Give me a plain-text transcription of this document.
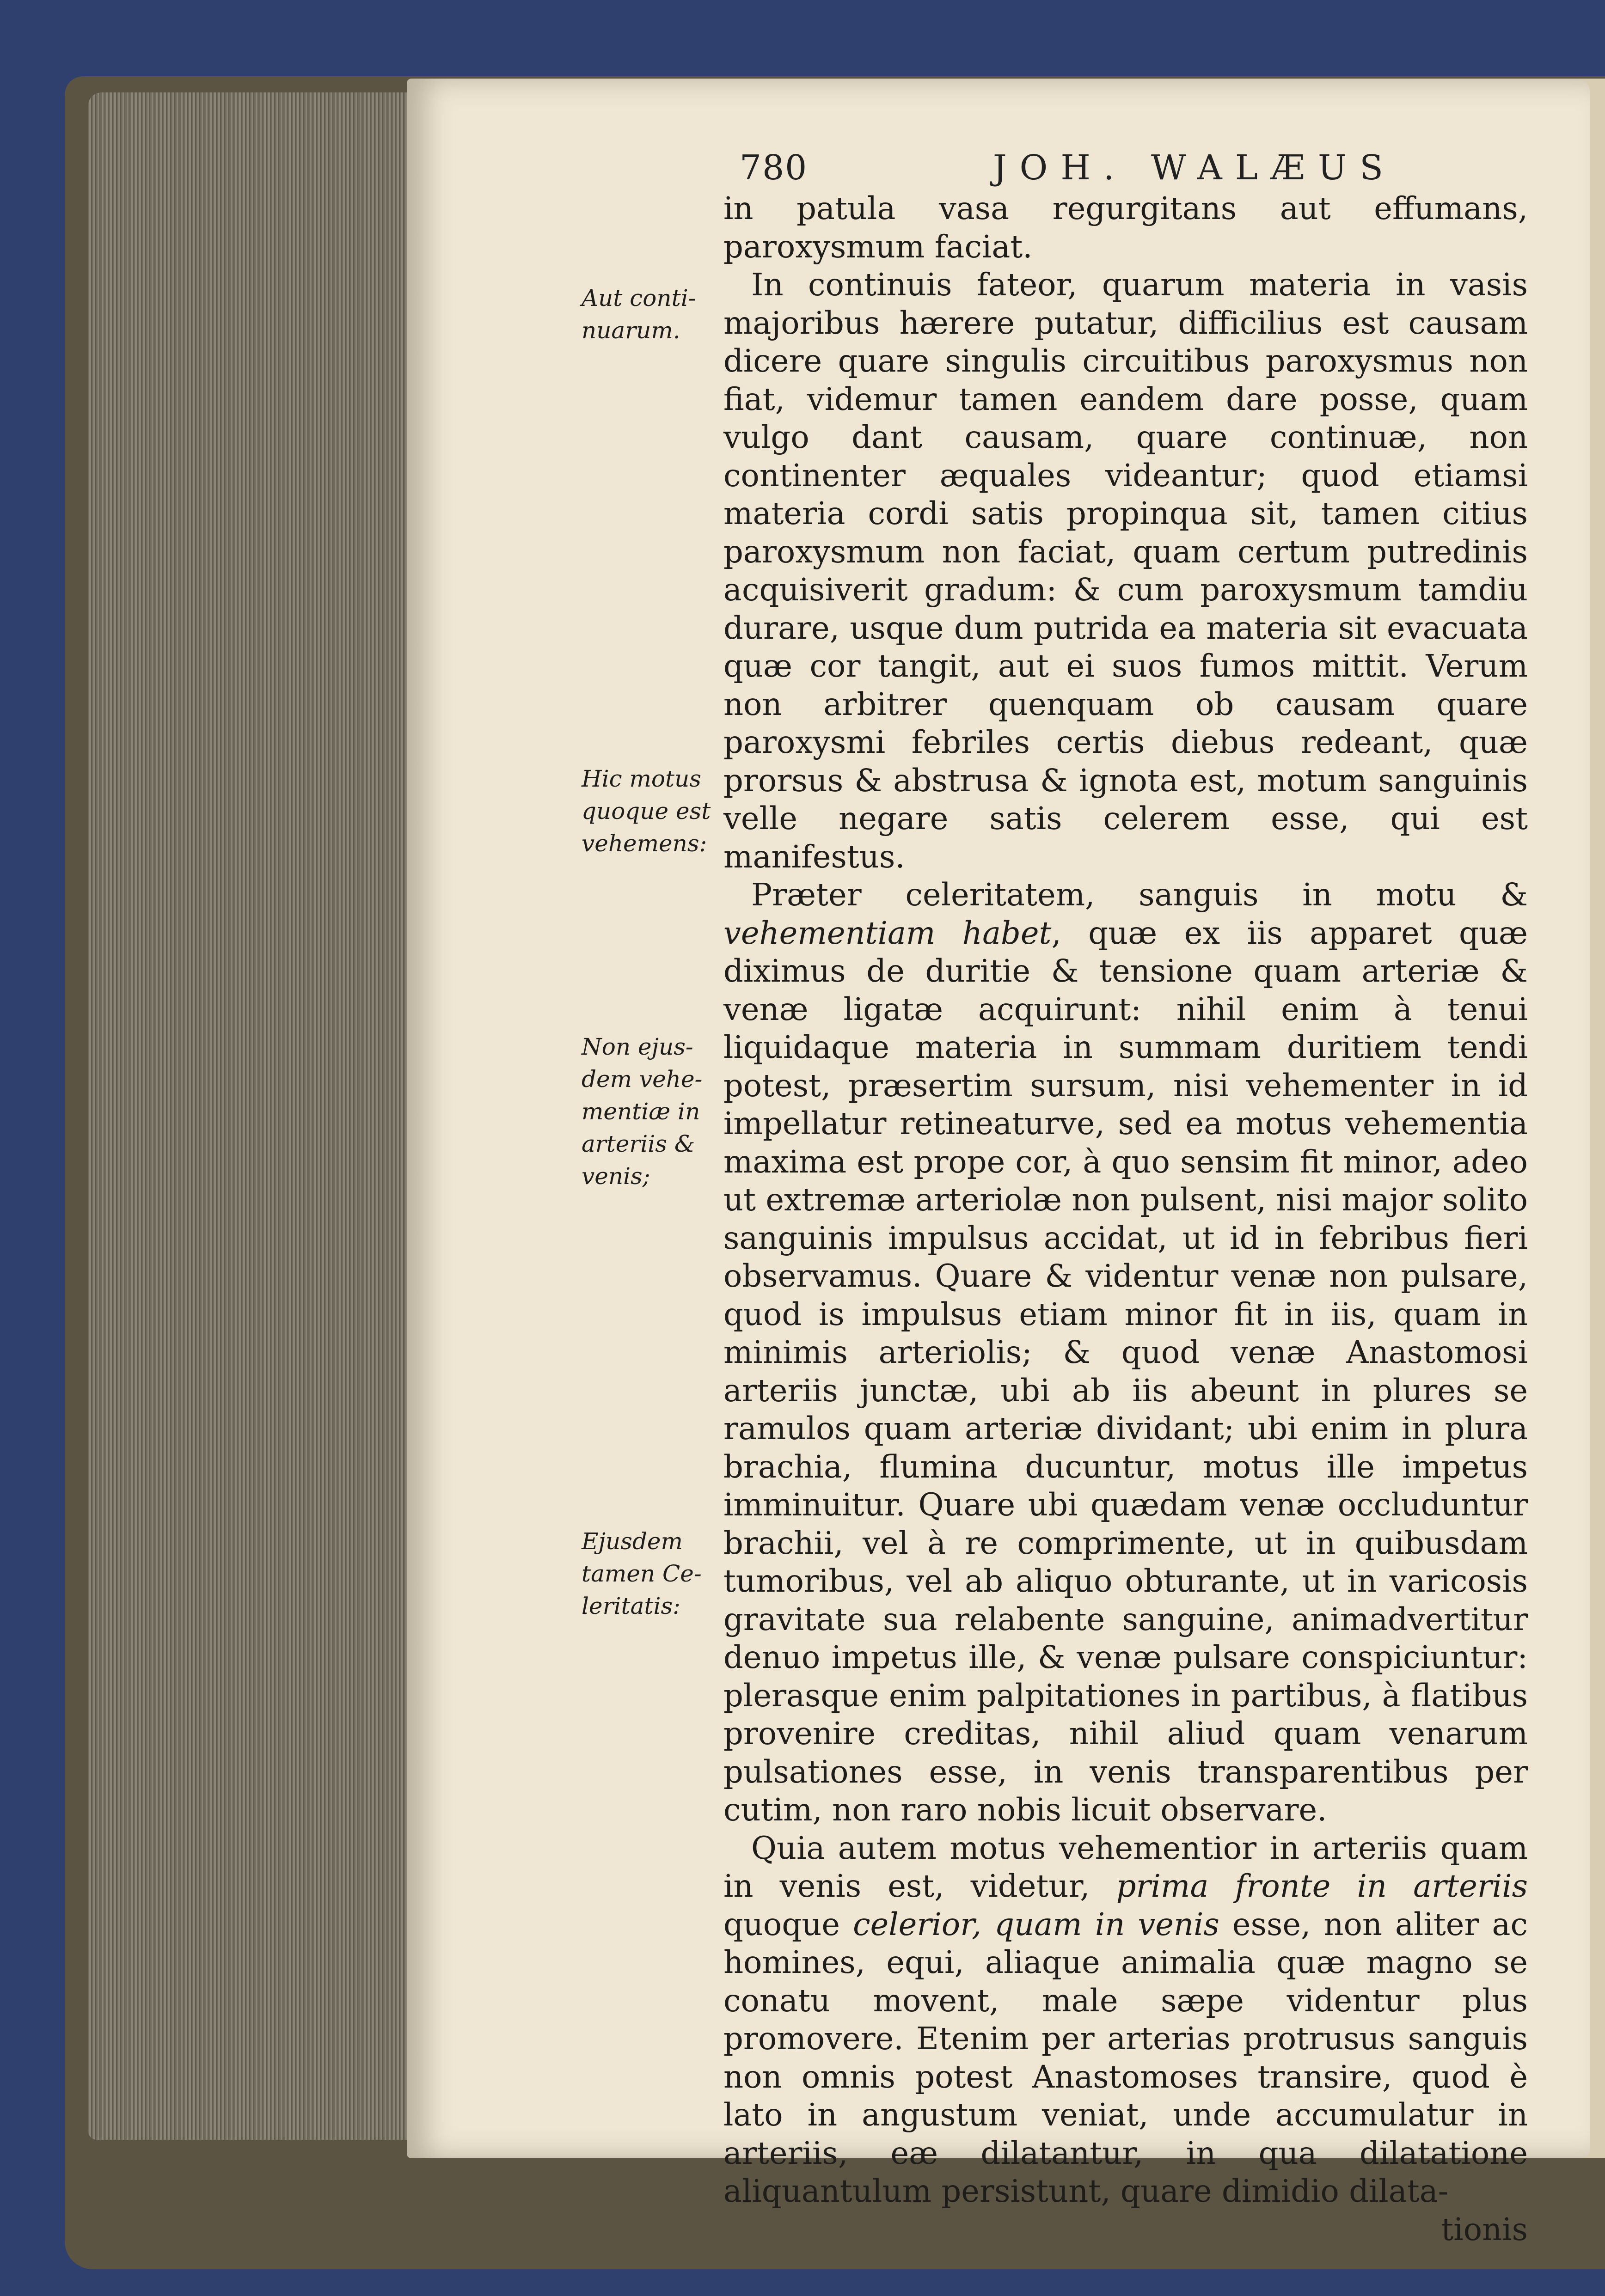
780	JOH. WALÆUS
Aut conti-
nuarum.
Hic motus
quoque est
vehemens:
Non ejus-
dem vehe-
mentiæ in
arteriis &
venis;
Ejusdem
tamen Ce-
leritatis:

in patula vasa regurgitans aut effumans, paroxysmum faciat.

In continuis fateor, quarum materia in vasis majoribus hærere putatur, difficilius est causam dicere quare singulis circuitibus paroxysmus non fiat, videmur tamen eandem dare posse, quam vulgo dant causam, quare continuæ, non continenter æquales videantur; quod etiamsi materia cordi satis propinqua sit, tamen citius paroxysmum non faciat, quam certum putredinis acquisiverit gradum: & cum paroxysmum tamdiu durare, usque dum putrida ea materia sit evacuata quæ cor tangit, aut ei suos fumos mittit. Verum non arbitrer quenquam ob causam quare paroxysmi febriles certis diebus redeant, quæ prorsus & abstrusa & ignota est, motum sanguinis velle negare satis celerem esse, qui est manifestus.

Præter celeritatem, sanguis in motu & vehementiam habet, quæ ex iis apparet quæ diximus de duritie & tensione quam arteriæ & venæ ligatæ acquirunt: nihil enim à tenui liquidaque materia in summam duritiem tendi potest, præsertim sursum, nisi vehementer in id impellatur retineaturve, sed ea motus vehementia maxima est prope cor, à quo sensim fit minor, adeo ut extremæ arteriolæ non pulsent, nisi major solito sanguinis impulsus accidat, ut id in febribus fieri observamus. Quare & videntur venæ non pulsare, quod is impulsus etiam minor fit in iis, quam in minimis arteriolis; & quod venæ Anastomosi arteriis junctæ, ubi ab iis abeunt in plures se ramulos quam arteriæ dividant; ubi enim in plura brachia, flumina ducuntur, motus ille impetus imminuitur. Quare ubi quædam venæ occluduntur brachii, vel à re comprimente, ut in quibusdam tumoribus, vel ab aliquo obturante, ut in varicosis gravitate sua relabente sanguine, animadvertitur denuo impetus ille, & venæ pulsare conspiciuntur: plerasque enim palpitationes in partibus, à flatibus provenire creditas, nihil aliud quam venarum pulsationes esse, in venis transparentibus per cutim, non raro nobis licuit observare.

Quia autem motus vehementior in arteriis quam in venis est, videtur, prima fronte in arteriis quoque celerior, quam in venis esse, non aliter ac homines, equi, aliaque animalia quæ magno se conatu movent, male sæpe videntur plus promovere. Etenim per arterias protrusus sanguis non omnis potest Anastomoses transire, quod è lato in angustum veniat, unde accumulatur in arteriis, eæ dilatantur, in qua dilatatione aliquantulum persistunt, quare dimidio dilata-

tionis
